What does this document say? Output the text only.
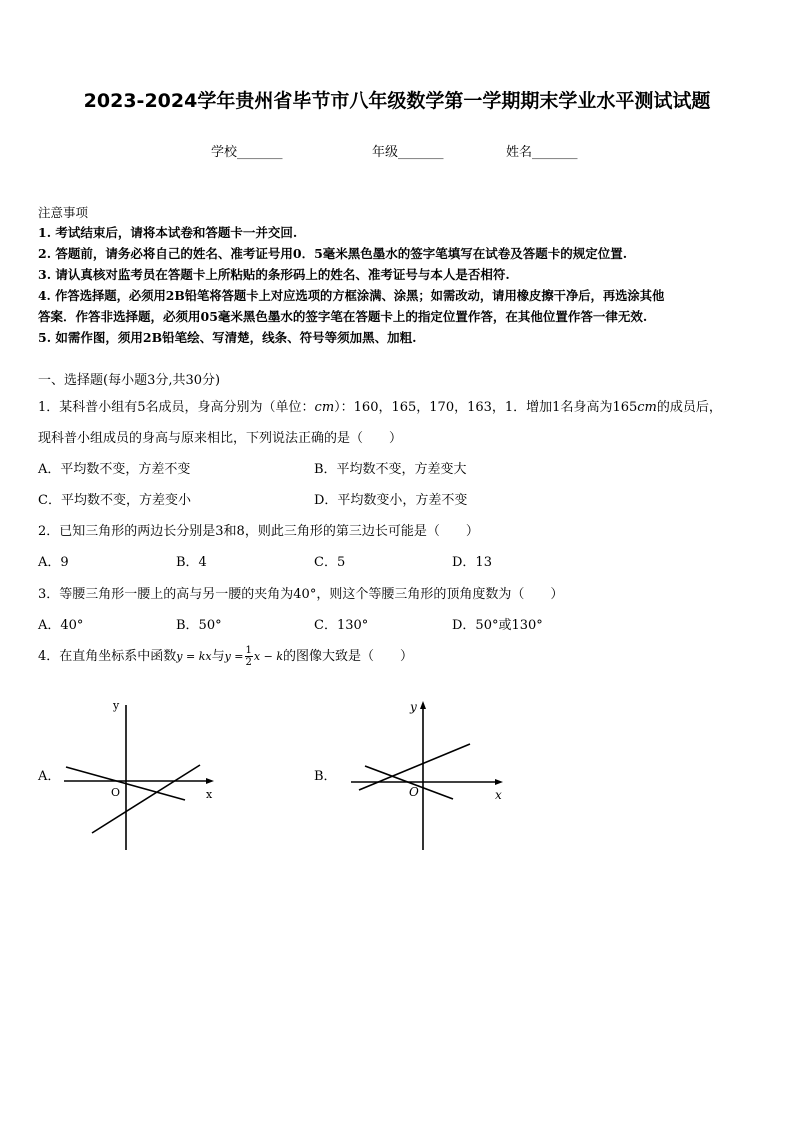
2023-2024学年贵州省毕节市八年级数学第一学期期末学业水平测试试题
学校_______	年级_______	姓名_______
注意事项
1. 考试结束后，请将本试卷和答题卡一并交回.
2. 答题前，请务必将自己的姓名、准考证号用0．5毫米黑色墨水的签字笔填写在试卷及答题卡的规定位置.
3. 请认真核对监考员在答题卡上所粘贴的条形码上的姓名、准考证号与本人是否相符.
4. 作答选择题，必须用2B铅笔将答题卡上对应选项的方框涂满、涂黑；如需改动，请用橡皮擦干净后，再选涂其他
答案．作答非选择题，必须用05毫米黑色墨水的签字笔在答题卡上的指定位置作答，在其他位置作答一律无效.
5. 如需作图，须用2B铅笔绘、写清楚，线条、符号等须加黑、加粗.
一、选择题(每小题3分,共30分)
1．某科普小组有5名成员，身高分别为（单位：cm）：160，165，170，163，1．增加1名身高为165cm的成员后，
现科普小组成员的身高与原来相比，下列说法正确的是（　　）
A．平均数不变，方差不变	B．平均数不变，方差变大
C．平均数不变，方差变小	D．平均数变小，方差不变
2．已知三角形的两边长分别是3和8，则此三角形的第三边长可能是（　　）
A．9	B．4	C．5	D．13
3．等腰三角形一腰上的高与另一腰的夹角为40°，则这个等腰三角形的顶角度数为（　　）
A．40°	B．50°	C．130°	D．50°或130°
4．在直角坐标系中函数y = kx与$y = \frac{1}{2}$ x − k的图像大致是（　　）
A．	B．
O
y
x	O
y
x
